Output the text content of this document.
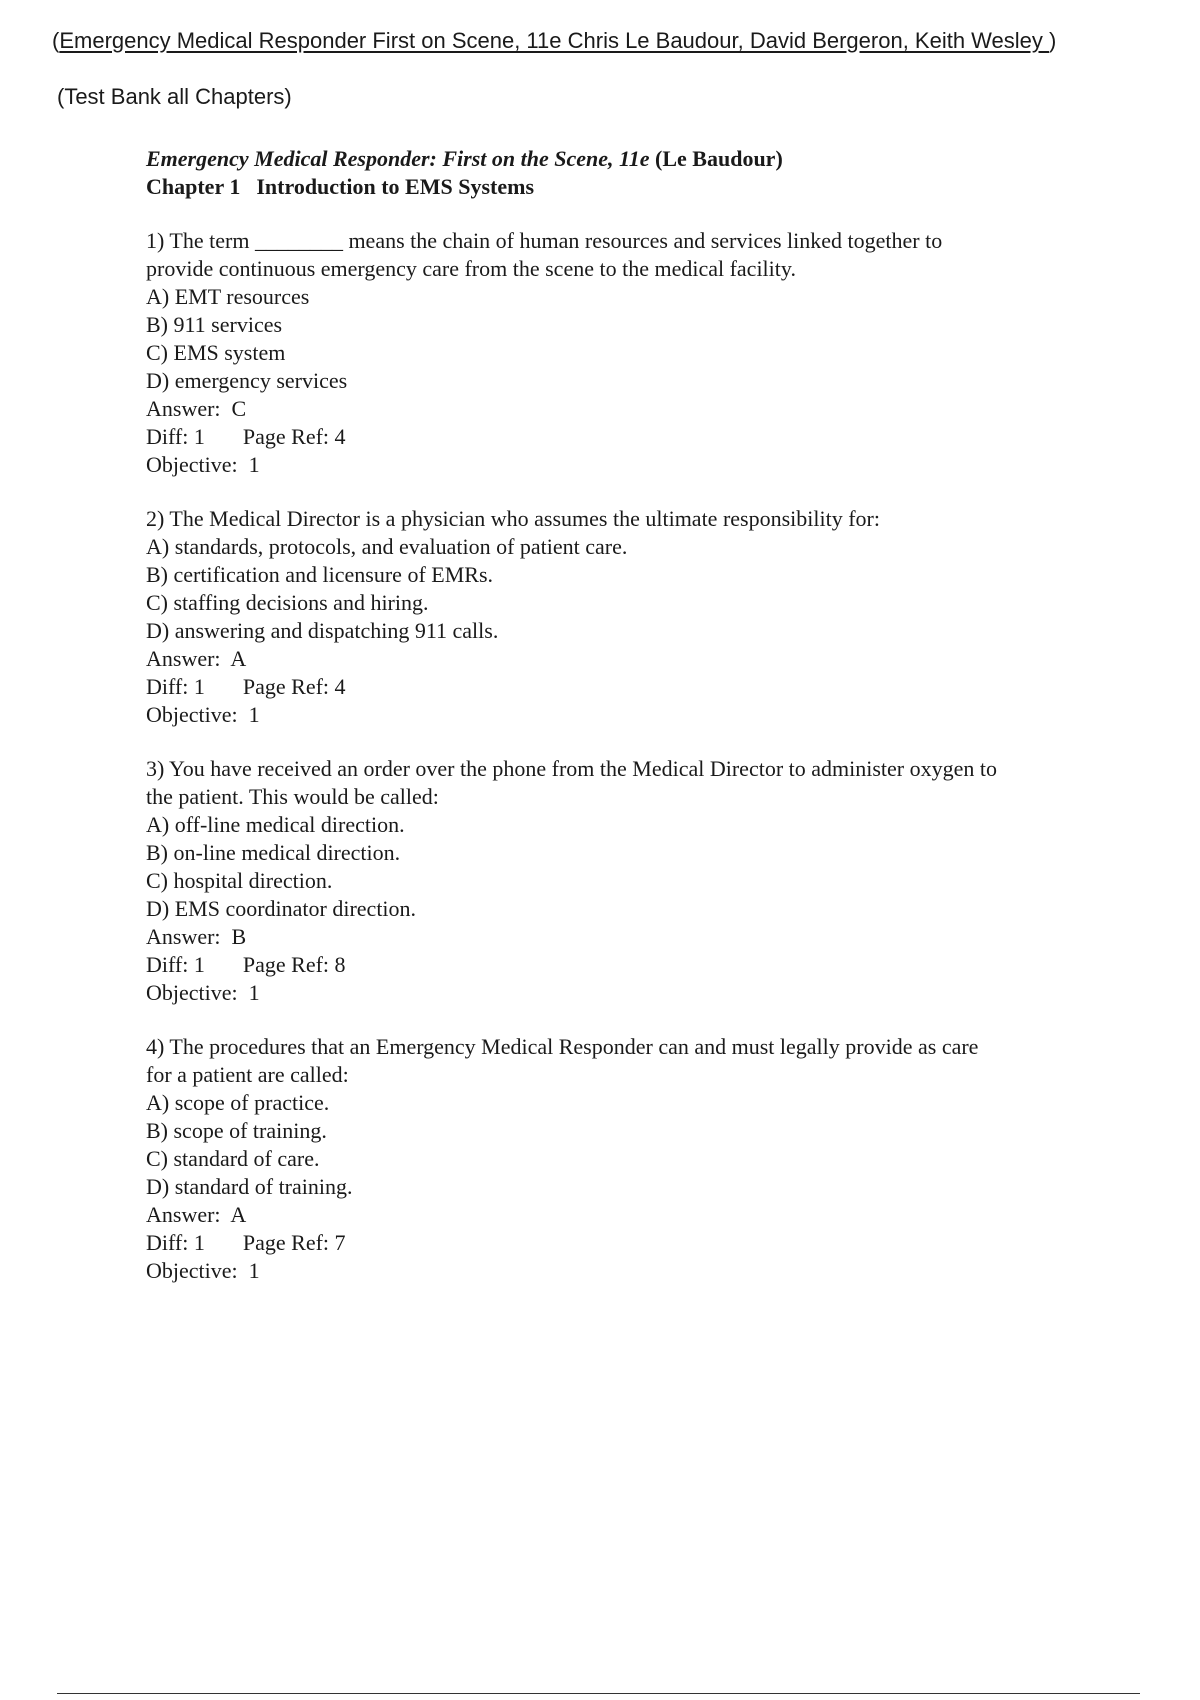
(Emergency Medical Responder First on Scene, 11e Chris Le Baudour, David Bergeron, Keith Wesley )
(Test Bank all Chapters)
Emergency Medical Responder: First on the Scene, 11e (Le Baudour)
Chapter 1 Introduction to EMS Systems
1) The term ________ means the chain of human resources and services linked together to
provide continuous emergency care from the scene to the medical facility.
A) EMT resources
B) 911 services
C) EMS system
D) emergency services
Answer: C
Diff: 1 Page Ref: 4
Objective: 1
2) The Medical Director is a physician who assumes the ultimate responsibility for:
A) standards, protocols, and evaluation of patient care.
B) certification and licensure of EMRs.
C) staffing decisions and hiring.
D) answering and dispatching 911 calls.
Answer: A
Diff: 1 Page Ref: 4
Objective: 1
3) You have received an order over the phone from the Medical Director to administer oxygen to
the patient. This would be called:
A) off-line medical direction.
B) on-line medical direction.
C) hospital direction.
D) EMS coordinator direction.
Answer: B
Diff: 1 Page Ref: 8
Objective: 1
4) The procedures that an Emergency Medical Responder can and must legally provide as care
for a patient are called:
A) scope of practice.
B) scope of training.
C) standard of care.
D) standard of training.
Answer: A
Diff: 1 Page Ref: 7
Objective: 1
